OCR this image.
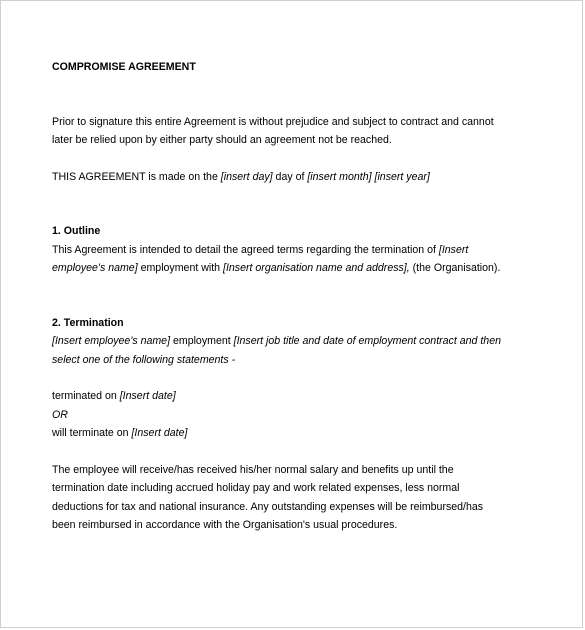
COMPROMISE AGREEMENT

Prior to signature this entire Agreement is without prejudice and subject to contract and cannot

later be relied upon by either party should an agreement not be reached.

THIS AGREEMENT is made on the [insert day] day of [insert month] [insert year]

1. Outline

This Agreement is intended to detail the agreed terms regarding the termination of [Insert

employee's name] employment with [Insert organisation name and address], (the Organisation).

2. Termination

[Insert employee's name] employment [Insert job title and date of employment contract and then

select one of the following statements -

terminated on [Insert date]

OR

will terminate on [Insert date]

The employee will receive/has received his/her normal salary and benefits up until the

termination date including accrued holiday pay and work related expenses, less normal

deductions for tax and national insurance. Any outstanding expenses will be reimbursed/has

been reimbursed in accordance with the Organisation's usual procedures.
